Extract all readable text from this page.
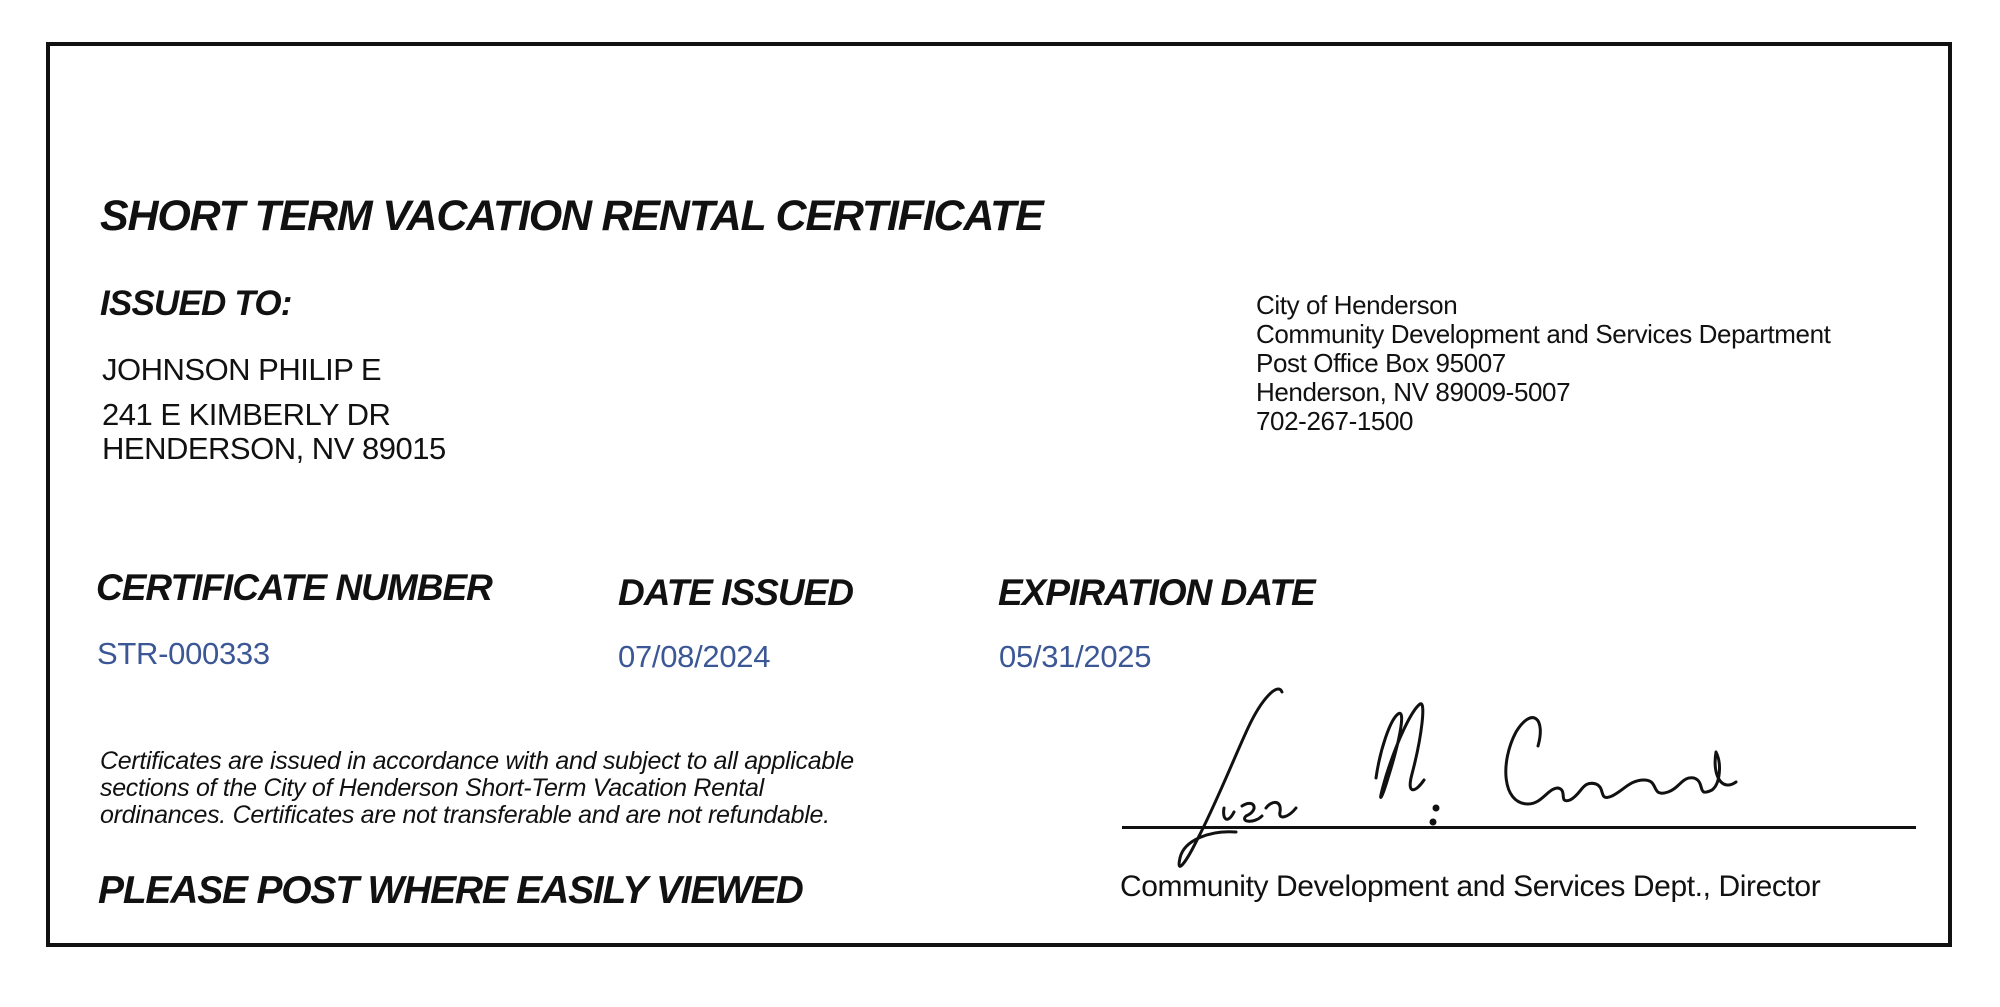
SHORT TERM VACATION RENTAL CERTIFICATE
ISSUED TO:
JOHNSON PHILIP E
241 E KIMBERLY DR
HENDERSON, NV 89015
City of Henderson
Community Development and Services Department
Post Office Box 95007
Henderson, NV 89009-5007
702-267-1500
CERTIFICATE NUMBER
STR-000333
DATE ISSUED
07/08/2024
EXPIRATION DATE
05/31/2025
Certificates are issued in accordance with and subject to all applicable
sections of the City of Henderson Short-Term Vacation Rental
ordinances. Certificates are not transferable and are not refundable.
PLEASE POST WHERE EASILY VIEWED	Community Development and Services Dept., Director
